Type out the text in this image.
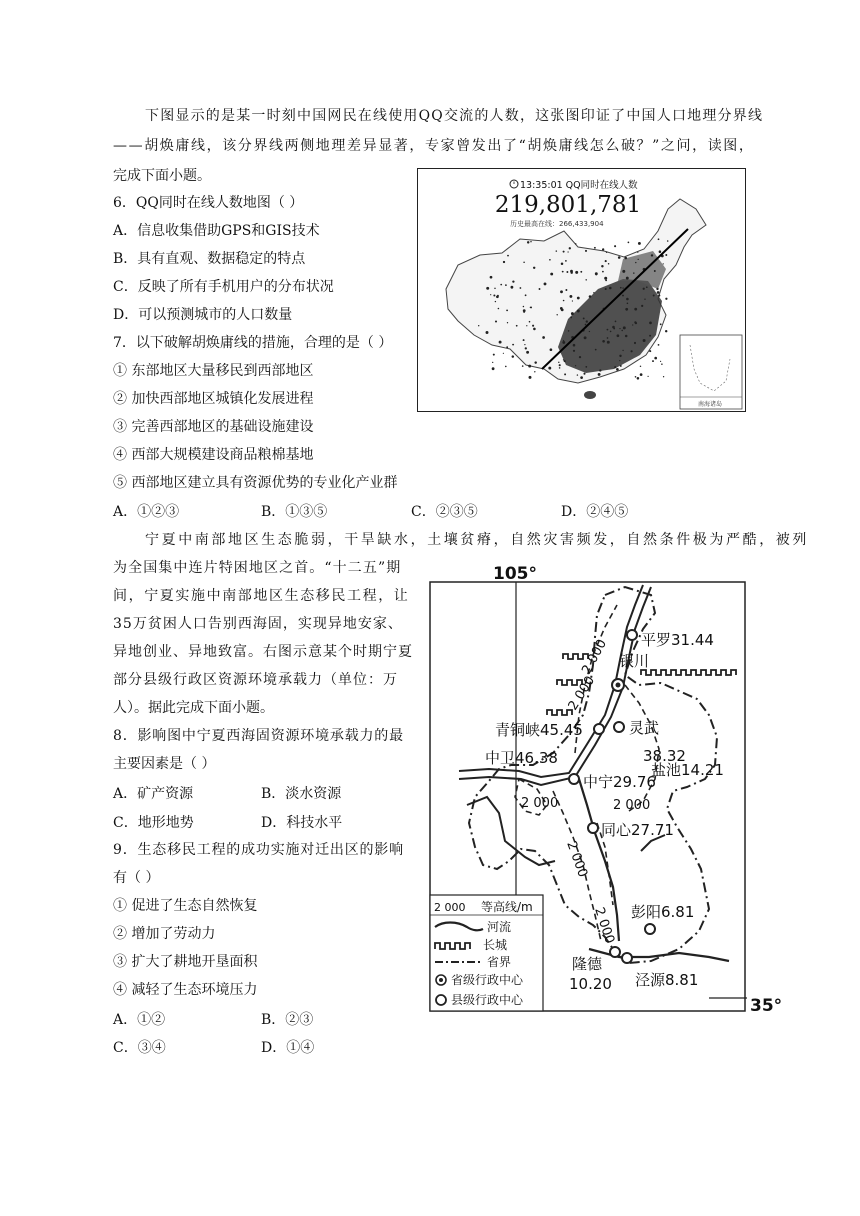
下图显示的是某一时刻中国网民在线使用QQ交流的人数，这张图印证了中国人口地理分界线
——胡焕庸线，该分界线两侧地理差异显著，专家曾发出了“胡焕庸线怎么破？”之问，读图，
完成下面小题。
6．QQ同时在线人数地图（ ）
A．信息收集借助GPS和GIS技术
B．具有直观、数据稳定的特点
C．反映了所有手机用户的分布状况
D．可以预测城市的人口数量
7．以下破解胡焕庸线的措施，合理的是（ ）
① 东部地区大量移民到西部地区
② 加快西部地区城镇化发展进程
③ 完善西部地区的基础设施建设
④ 西部大规模建设商品粮棉基地
⑤ 西部地区建立具有资源优势的专业化产业群
A．①②③	B．①③⑤	C．②③⑤	D．②④⑤
宁夏中南部地区生态脆弱，干旱缺水，土壤贫瘠，自然灾害频发，自然条件极为严酷，被列
为全国集中连片特困地区之首。“十二五”期
间，宁夏实施中南部地区生态移民工程，让
35万贫困人口告别西海固，实现异地安家、
异地创业、异地致富。右图示意某个时期宁夏
部分县级行政区资源环境承载力（单位：万
人）。据此完成下面小题。
8．影响图中宁夏西海固资源环境承载力的最
主要因素是（ ）
A．矿产资源	B．淡水资源
C．地形地势	D．科技水平
9．生态移民工程的成功实施对迁出区的影响
有（ ）
① 促进了生态自然恢复
② 增加了劳动力
③ 扩大了耕地开垦面积
④ 减轻了生态环境压力
A．①②	B．②③
C．③④	D．①④
南海诸岛
13:35:01 QQ同时在线人数
219,801,781
历史最高在线：266,433,904
105°
35°
2 000
2 000
2 000	2 000
2 000
2 000
平罗31.44
银川
青铜峡45.45	灵武
38.32
盐池14.21
中卫46.38
中宁29.76
同心27.71
彭阳6.81
隆德
10.20 泾源8.81
2 000 等高线/m
河流
长城
省界
省级行政中心
县级行政中心
